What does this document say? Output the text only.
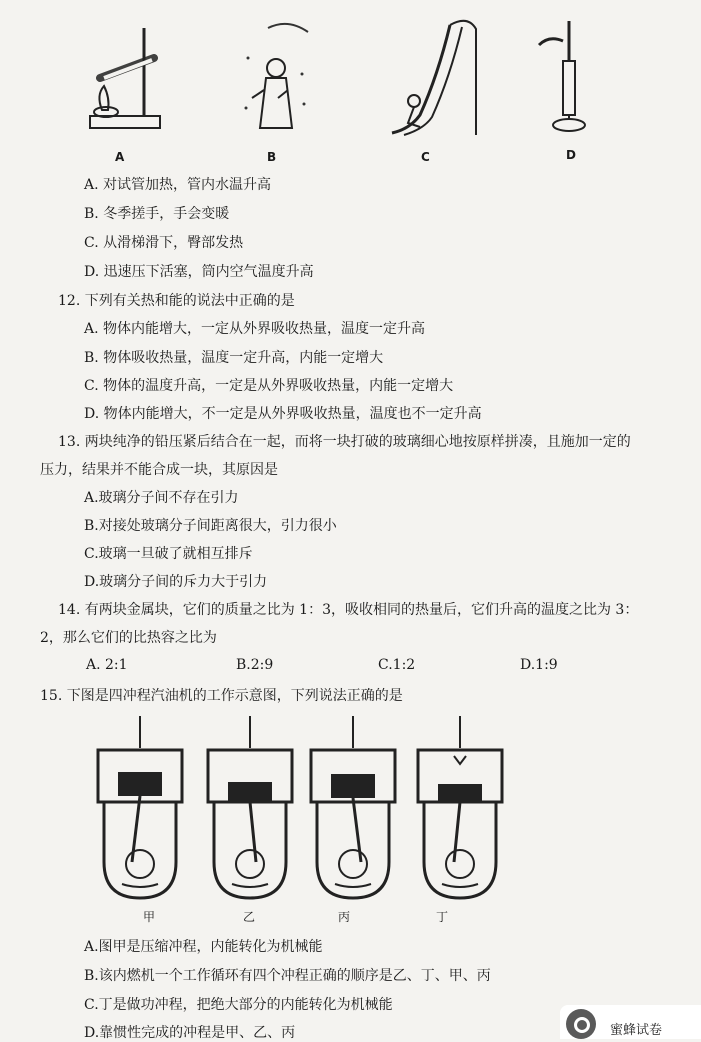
A	B	C	D
A. 对试管加热，管内水温升高
B. 冬季搓手，手会变暖
C. 从滑梯滑下，臀部发热
D. 迅速压下活塞，筒内空气温度升高
12. 下列有关热和能的说法中正确的是
A. 物体内能增大，一定从外界吸收热量，温度一定升高
B. 物体吸收热量，温度一定升高，内能一定增大
C. 物体的温度升高，一定是从外界吸收热量，内能一定增大
D. 物体内能增大，不一定是从外界吸收热量，温度也不一定升高
13. 两块纯净的铅压紧后结合在一起，而将一块打破的玻璃细心地按原样拼凑，且施加一定的
压力，结果并不能合成一块，其原因是
A.玻璃分子间不存在引力
B.对接处玻璃分子间距离很大，引力很小
C.玻璃一旦破了就相互排斥
D.玻璃分子间的斥力大于引力
14. 有两块金属块，它们的质量之比为 1：3，吸收相同的热量后，它们升高的温度之比为 3：
2，那么它们的比热容之比为
A. 2:1	B.2:9	C.1:2	D.1:9
15. 下图是四冲程汽油机的工作示意图，下列说法正确的是
甲	乙	丙	丁
A.图甲是压缩冲程，内能转化为机械能
B.该内燃机一个工作循环有四个冲程正确的顺序是乙、丁、甲、丙
C.丁是做功冲程，把绝大部分的内能转化为机械能
D.靠惯性完成的冲程是甲、乙、丙	蜜蜂试卷
